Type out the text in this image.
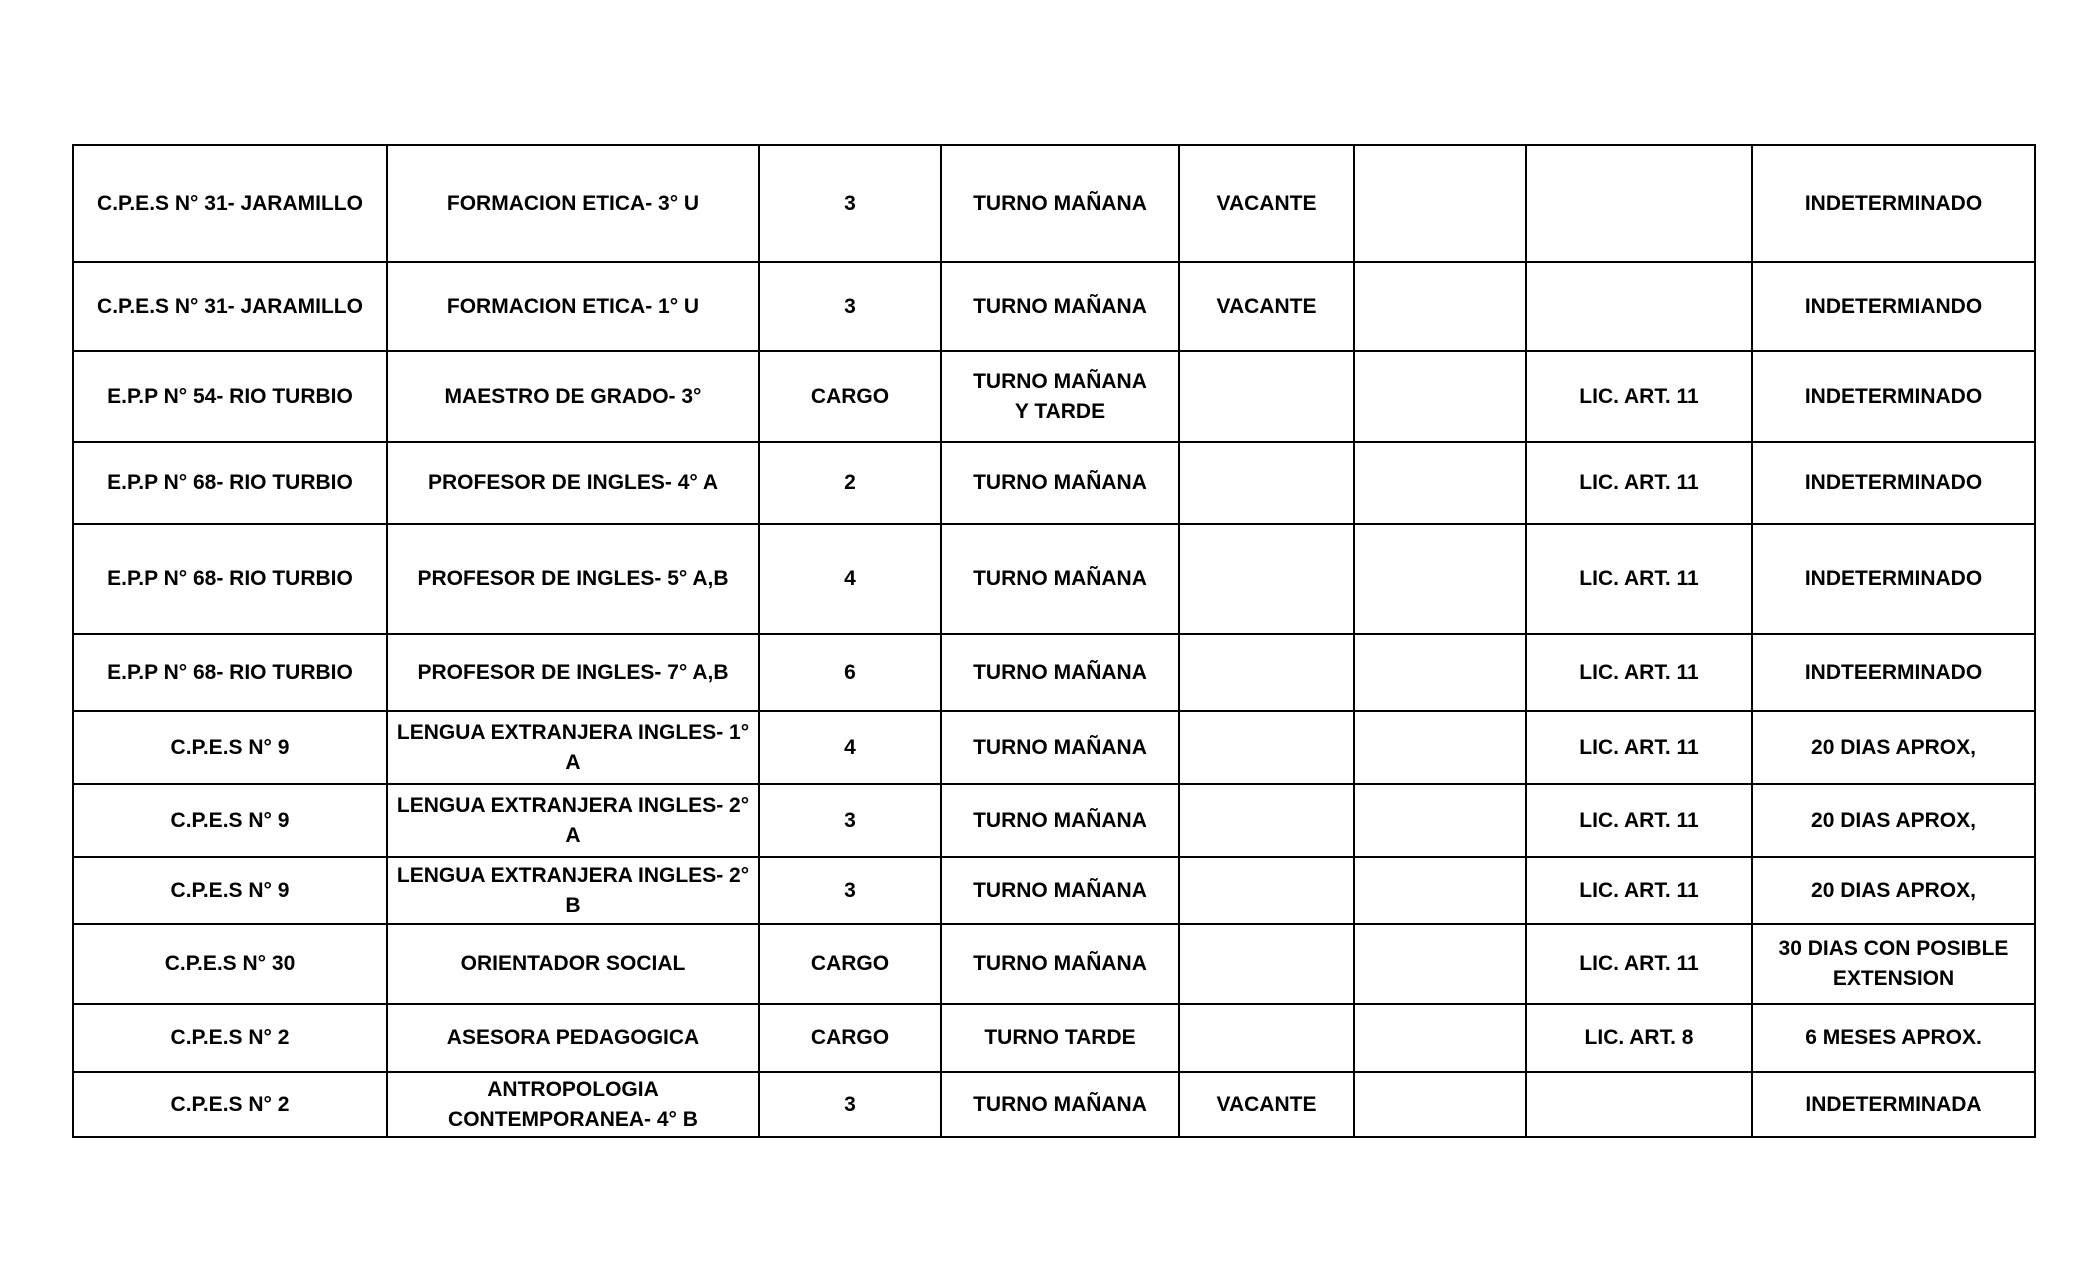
C.P.E.S N° 31- JARAMILLO	FORMACION ETICA- 3° U	3	TURNO MAÑANA	VACANTE			INDETERMINADO
C.P.E.S N° 31- JARAMILLO	FORMACION ETICA- 1° U	3	TURNO MAÑANA	VACANTE			INDETERMIANDO
E.P.P N° 54- RIO TURBIO	MAESTRO DE GRADO- 3°	CARGO	TURNO MAÑANA Y TARDE			LIC. ART. 11	INDETERMINADO
E.P.P N° 68- RIO TURBIO	PROFESOR DE INGLES- 4° A	2	TURNO MAÑANA			LIC. ART. 11	INDETERMINADO
E.P.P N° 68- RIO TURBIO	PROFESOR DE INGLES- 5° A,B	4	TURNO MAÑANA			LIC. ART. 11	INDETERMINADO
E.P.P N° 68- RIO TURBIO	PROFESOR DE INGLES- 7° A,B	6	TURNO MAÑANA			LIC. ART. 11	INDTEERMINADO
C.P.E.S N° 9	LENGUA EXTRANJERA INGLES- 1° A	4	TURNO MAÑANA			LIC. ART. 11	20 DIAS APROX,
C.P.E.S N° 9	LENGUA EXTRANJERA INGLES- 2° A	3	TURNO MAÑANA			LIC. ART. 11	20 DIAS APROX,
C.P.E.S N° 9	LENGUA EXTRANJERA INGLES- 2° B	3	TURNO MAÑANA			LIC. ART. 11	20 DIAS APROX,
C.P.E.S N° 30	ORIENTADOR SOCIAL	CARGO	TURNO MAÑANA			LIC. ART. 11	30 DIAS CON POSIBLE EXTENSION
C.P.E.S N° 2	ASESORA PEDAGOGICA	CARGO	TURNO TARDE			LIC. ART. 8	6 MESES APROX.
C.P.E.S N° 2	ANTROPOLOGIA CONTEMPORANEA- 4° B	3	TURNO MAÑANA	VACANTE			INDETERMINADA
